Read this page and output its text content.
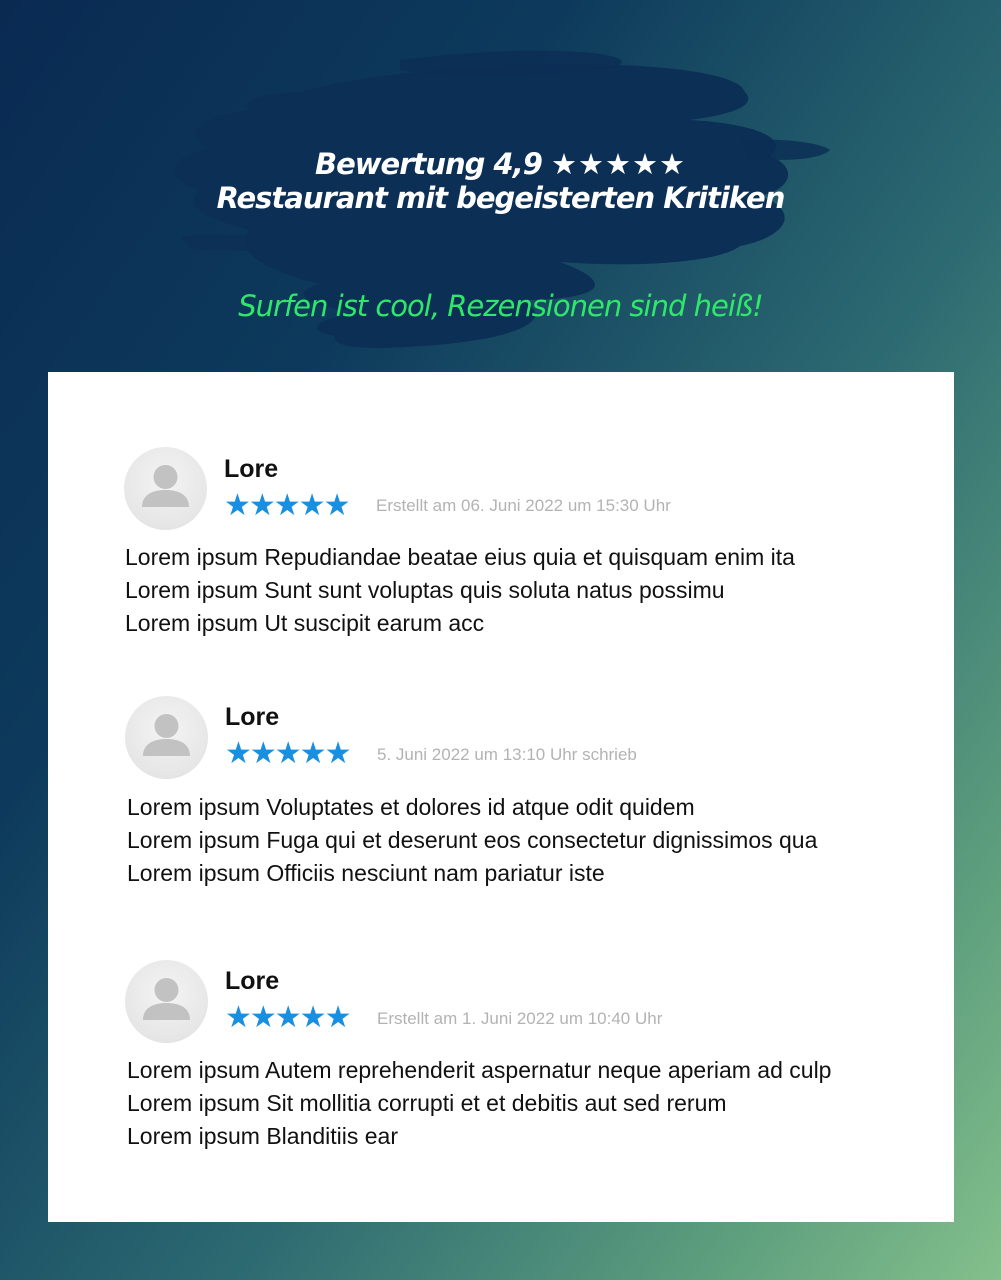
Bewertung 4,9 ★★★★★
Restaurant mit begeisterten Kritiken
Surfen ist cool, Rezensionen sind heiß!
Lore
★★★★★ Erstellt am 06. Juni 2022 um 15:30 Uhr
Lorem ipsum Repudiandae beatae eius quia et quisquam enim ita
Lorem ipsum Sunt sunt voluptas quis soluta natus possimu
Lorem ipsum Ut suscipit earum acc
Lore
★★★★★ 5. Juni 2022 um 13:10 Uhr schrieb
Lorem ipsum Voluptates et dolores id atque odit quidem
Lorem ipsum Fuga qui et deserunt eos consectetur dignissimos qua
Lorem ipsum Officiis nesciunt nam pariatur iste
Lore
★★★★★ Erstellt am 1. Juni 2022 um 10:40 Uhr
Lorem ipsum Autem reprehenderit aspernatur neque aperiam ad culp
Lorem ipsum Sit mollitia corrupti et et debitis aut sed rerum
Lorem ipsum Blanditiis ear
